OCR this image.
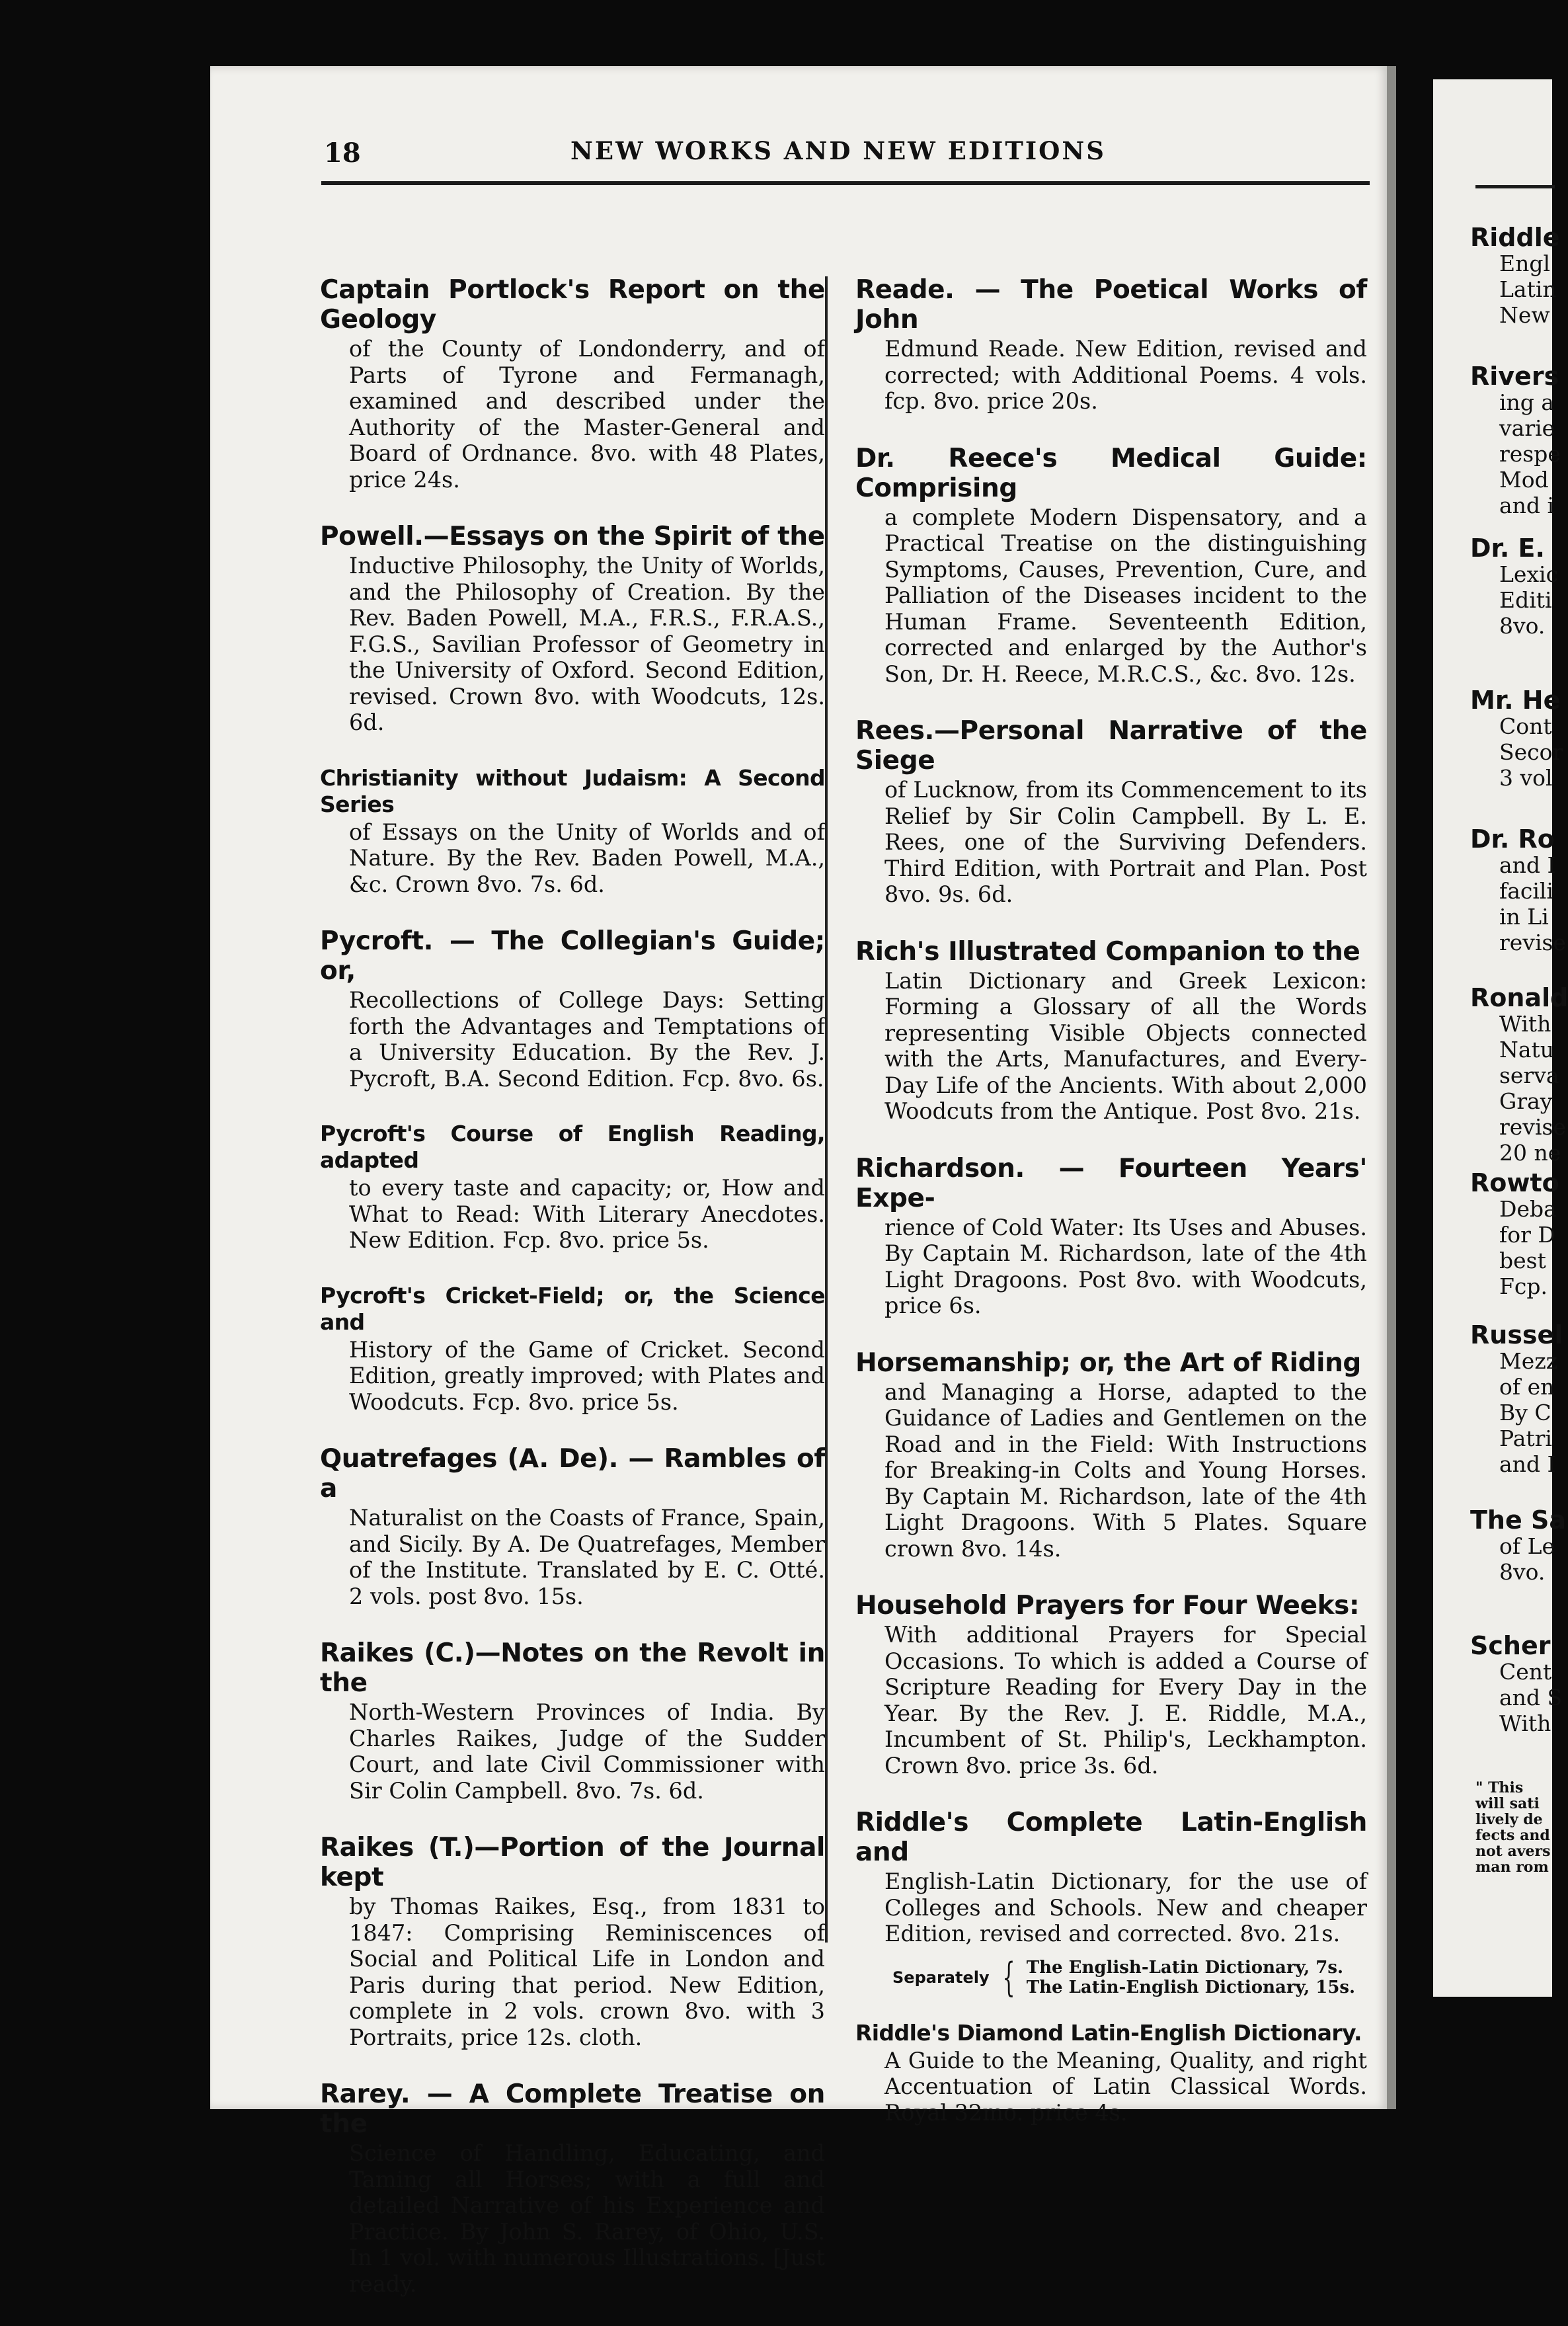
18	NEW WORKS AND NEW EDITIONS
Captain Portlock's Report on the Geology
of the County of Londonderry, and of Parts of Tyrone and Fermanagh, examined and described under the Authority of the Master-General and Board of Ordnance. 8vo. with 48 Plates, price 24s.
Powell.—Essays on the Spirit of the
Inductive Philosophy, the Unity of Worlds, and the Philosophy of Creation. By the Rev. Baden Powell, M.A., F.R.S., F.R.A.S., F.G.S., Savilian Professor of Geometry in the University of Oxford. Second Edition, revised. Crown 8vo. with Woodcuts, 12s. 6d.
Christianity without Judaism: A Second Series
of Essays on the Unity of Worlds and of Nature. By the Rev. Baden Powell, M.A., &c. Crown 8vo. 7s. 6d.
Pycroft. — The Collegian's Guide; or,
Recollections of College Days: Setting forth the Advantages and Temptations of a University Education. By the Rev. J. Pycroft, B.A. Second Edition. Fcp. 8vo. 6s.
Pycroft's Course of English Reading, adapted
to every taste and capacity; or, How and What to Read: With Literary Anecdotes. New Edition. Fcp. 8vo. price 5s.
Pycroft's Cricket-Field; or, the Science and
History of the Game of Cricket. Second Edition, greatly improved; with Plates and Woodcuts. Fcp. 8vo. price 5s.
Quatrefages (A. De). — Rambles of a
Naturalist on the Coasts of France, Spain, and Sicily. By A. De Quatrefages, Member of the Institute. Translated by E. C. Otté. 2 vols. post 8vo. 15s.
Raikes (C.)—Notes on the Revolt in the
North-Western Provinces of India. By Charles Raikes, Judge of the Sudder Court, and late Civil Commissioner with Sir Colin Campbell. 8vo. 7s. 6d.
Raikes (T.)—Portion of the Journal kept
by Thomas Raikes, Esq., from 1831 to 1847: Comprising Reminiscences of Social and Political Life in London and Paris during that period. New Edition, complete in 2 vols. crown 8vo. with 3 Portraits, price 12s. cloth.
Rarey. — A Complete Treatise on the
Science of Handling, Educating, and Taming all Horses; with a full and detailed Narrative of his Experience and Practice. By John S. Rarey, of Ohio, U.S. In 1 vol. with numerous Illustrations. [Just ready.
Reade. — The Poetical Works of John
Edmund Reade. New Edition, revised and corrected; with Additional Poems. 4 vols. fcp. 8vo. price 20s.
Dr. Reece's Medical Guide: Comprising
a complete Modern Dispensatory, and a Practical Treatise on the distinguishing Symptoms, Causes, Prevention, Cure, and Palliation of the Diseases incident to the Human Frame. Seventeenth Edition, corrected and enlarged by the Author's Son, Dr. H. Reece, M.R.C.S., &c. 8vo. 12s.
Rees.—Personal Narrative of the Siege
of Lucknow, from its Commencement to its Relief by Sir Colin Campbell. By L. E. Rees, one of the Surviving Defenders. Third Edition, with Portrait and Plan. Post 8vo. 9s. 6d.
Rich's Illustrated Companion to the
Latin Dictionary and Greek Lexicon: Forming a Glossary of all the Words representing Visible Objects connected with the Arts, Manufactures, and Every-Day Life of the Ancients. With about 2,000 Woodcuts from the Antique. Post 8vo. 21s.
Richardson. — Fourteen Years' Expe-
rience of Cold Water: Its Uses and Abuses. By Captain M. Richardson, late of the 4th Light Dragoons. Post 8vo. with Woodcuts, price 6s.
Horsemanship; or, the Art of Riding
and Managing a Horse, adapted to the Guidance of Ladies and Gentlemen on the Road and in the Field: With Instructions for Breaking-in Colts and Young Horses. By Captain M. Richardson, late of the 4th Light Dragoons. With 5 Plates. Square crown 8vo. 14s.
Household Prayers for Four Weeks:
With additional Prayers for Special Occasions. To which is added a Course of Scripture Reading for Every Day in the Year. By the Rev. J. E. Riddle, M.A., Incumbent of St. Philip's, Leckhampton. Crown 8vo. price 3s. 6d.
Riddle's Complete Latin-English and
English-Latin Dictionary, for the use of Colleges and Schools. New and cheaper Edition, revised and corrected. 8vo. 21s.
Separately { The English-Latin Dictionary, 7s.
The Latin-English Dictionary, 15s.
Riddle's Diamond Latin-English Dictionary.
A Guide to the Meaning, Quality, and right Accentuation of Latin Classical Words. Royal 32mo. price 4s.
Riddle
Engl
Latin
New
Rivers
ing a
varie
respe
Mod
and i
Dr. E.
Lexic
Editi
8vo.
Mr. He
Cont
Secor
3 vol
Dr. Ro
and I
facili
in Li
revise
Ronald
With
Natu
serva
Gray
revise
20 ne
Rowto
Deba
for D
best
Fcp.
Russel
Mezz
of en
By C
Patri
and I
The Sa
of Le
8vo.
Scher
Cent
and S
With
" This
will sati
lively de
fects and
not avers
man rom
